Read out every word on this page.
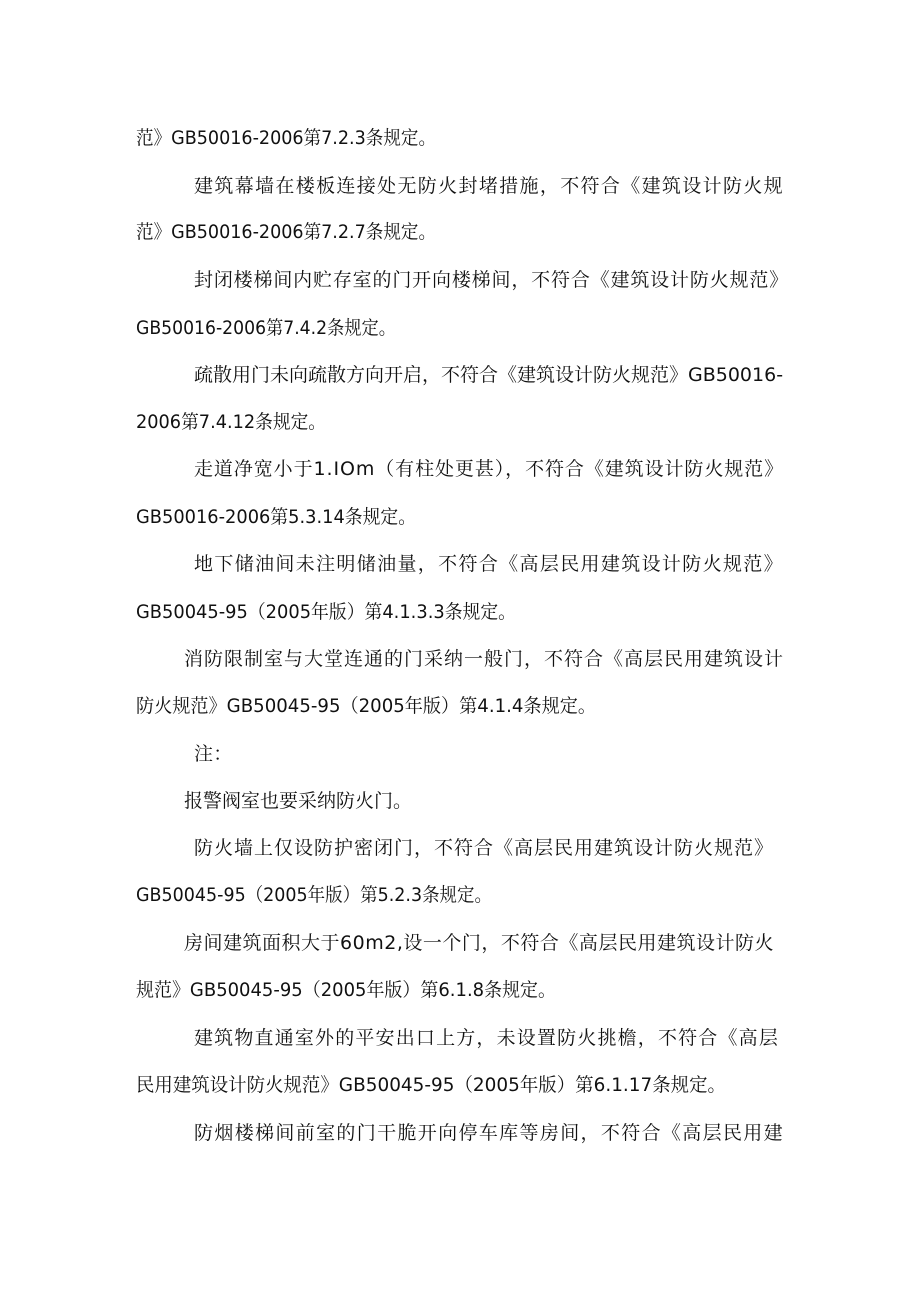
范》GB50016-2006第7.2.3条规定。
建筑幕墙在楼板连接处无防火封堵措施，不符合《建筑设计防火规
范》GB50016-2006第7.2.7条规定。
封闭楼梯间内贮存室的门开向楼梯间，不符合《建筑设计防火规范》
GB50016-2006第7.4.2条规定。
疏散用门未向疏散方向开启，不符合《建筑设计防火规范》GB50016-
2006第7.4.12条规定。
走道净宽小于1.IOm（有柱处更甚），不符合《建筑设计防火规范》
GB50016-2006第5.3.14条规定。
地下储油间未注明储油量，不符合《高层民用建筑设计防火规范》
GB50045-95（2005年版）第4.1.3.3条规定。
消防限制室与大堂连通的门采纳一般门，不符合《高层民用建筑设计
防火规范》GB50045-95（2005年版）第4.1.4条规定。
注：
报警阀室也要采纳防火门。
防火墙上仅设防护密闭门，不符合《高层民用建筑设计防火规范》
GB50045-95（2005年版）第5.2.3条规定。
房间建筑面积大于60m2,设一个门，不符合《高层民用建筑设计防火
规范》GB50045-95（2005年版）第6.1.8条规定。
建筑物直通室外的平安出口上方，未设置防火挑檐，不符合《高层
民用建筑设计防火规范》GB50045-95（2005年版）第6.1.17条规定。
防烟楼梯间前室的门干脆开向停车库等房间，不符合《高层民用建
